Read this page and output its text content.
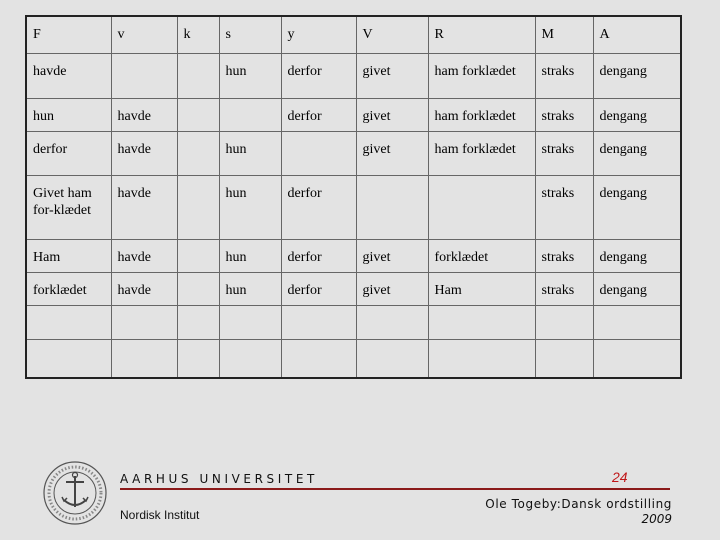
F	v	k	s	y	V	R	M	A
havde			hun	derfor	givet	ham forklædet	straks	dengang
hun	havde			derfor	givet	ham forklædet	straks	dengang
derfor	havde		hun		givet	ham forklædet	straks	dengang
Givet ham for-klædet	havde		hun	derfor			straks	dengang
Ham	havde		hun	derfor	givet	forklædet	straks	dengang
forklædet	havde		hun	derfor	givet	Ham	straks	dengang

AARHUS UNIVERSITET
Nordisk Institut
24
Ole Togeby:Dansk ordstilling
2009
